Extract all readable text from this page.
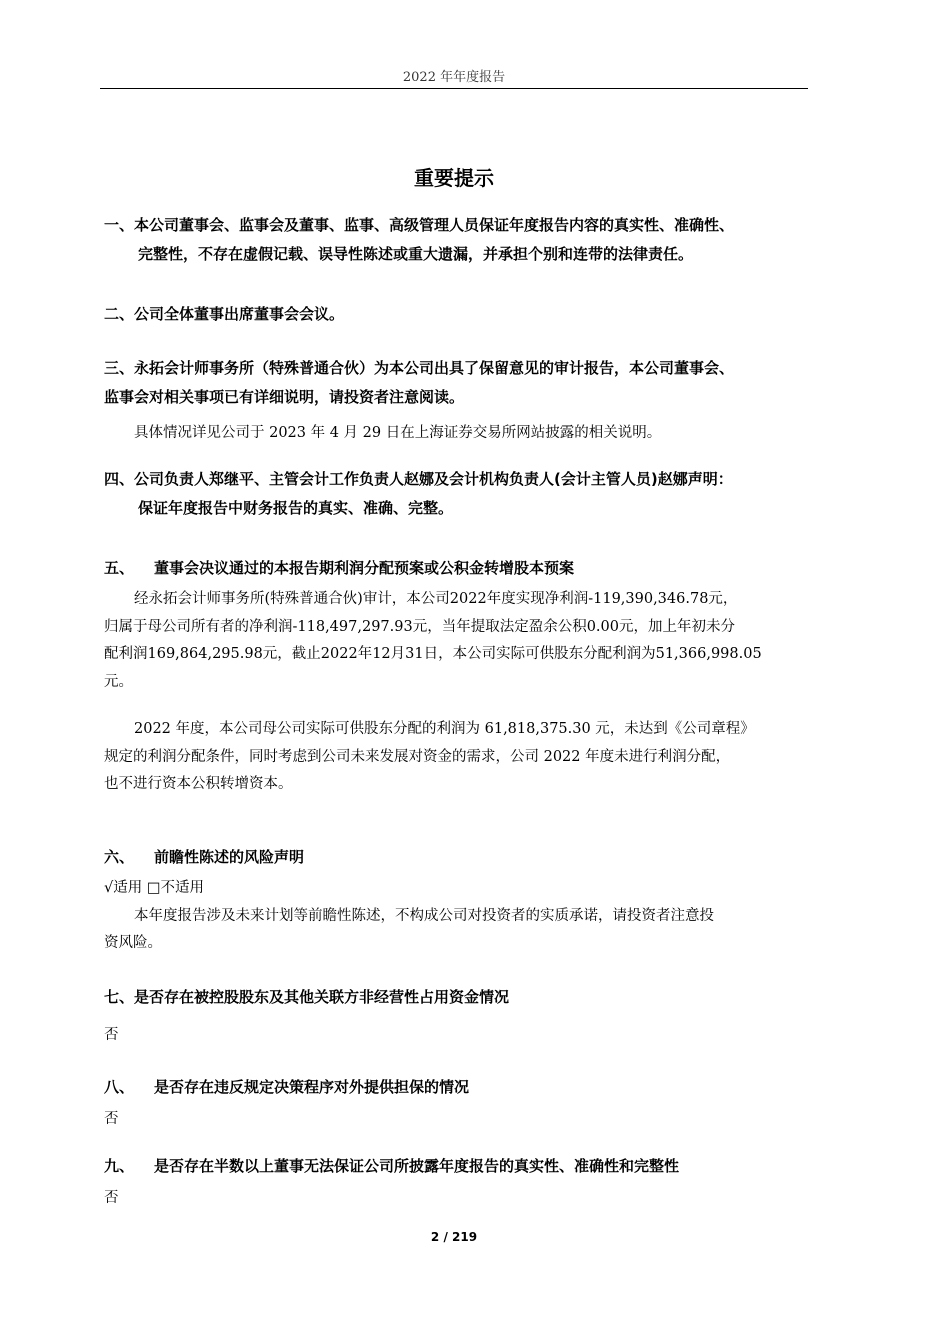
2022 年年度报告
重要提示
一、本公司董事会、监事会及董事、监事、高级管理人员保证年度报告内容的真实性、准确性、
完整性，不存在虚假记载、误导性陈述或重大遗漏，并承担个别和连带的法律责任。
二、公司全体董事出席董事会会议。
三、永拓会计师事务所（特殊普通合伙）为本公司出具了保留意见的审计报告，本公司董事会、
监事会对相关事项已有详细说明，请投资者注意阅读。
具体情况详见公司于 2023 年 4 月 29 日在上海证券交易所网站披露的相关说明。
四、公司负责人郑继平、主管会计工作负责人赵娜及会计机构负责人(会计主管人员)赵娜声明：
保证年度报告中财务报告的真实、准确、完整。
五、 董事会决议通过的本报告期利润分配预案或公积金转增股本预案
经永拓会计师事务所(特殊普通合伙)审计，本公司2022年度实现净利润-119,390,346.78元，
归属于母公司所有者的净利润-118,497,297.93元，当年提取法定盈余公积0.00元，加上年初未分
配利润169,864,295.98元，截止2022年12月31日，本公司实际可供股东分配利润为51,366,998.05
元。
2022 年度，本公司母公司实际可供股东分配的利润为 61,818,375.30 元，未达到《公司章程》
规定的利润分配条件，同时考虑到公司未来发展对资金的需求，公司 2022 年度未进行利润分配，
也不进行资本公积转增资本。
六、 前瞻性陈述的风险声明
√适用 □不适用
本年度报告涉及未来计划等前瞻性陈述，不构成公司对投资者的实质承诺，请投资者注意投
资风险。
七、是否存在被控股股东及其他关联方非经营性占用资金情况
否
八、 是否存在违反规定决策程序对外提供担保的情况
否
九、 是否存在半数以上董事无法保证公司所披露年度报告的真实性、准确性和完整性
否
2 / 219
